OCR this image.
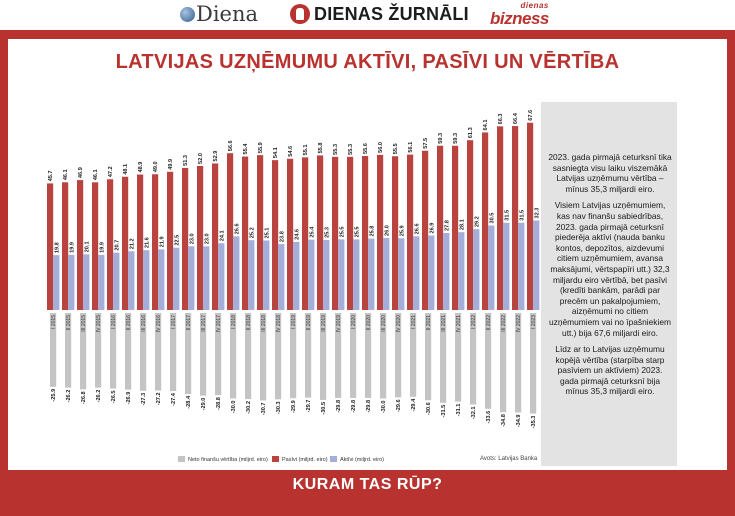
Diena	DIENAS ŽURNĀLI	dienas
bizness
LATVIJAS UZŅĒMUMU AKTĪVI, PASĪVI UN VĒRTĪBA
45.7
19.8
I 2015
-25.9
46.1
19.9
II 2015
-26.2
46.9
20.1
III 2015
-26.8
46.1
19.9
IV 2015
-26.2
47.2
20.7
I 2016
-26.5
48.1
21.2
II 2016
-26.9
48.9
21.6
III 2016
-27.3
49.0
21.9
IV 2016
-27.2
49.9
22.5
I 2017
-27.4
51.3
23.0
II 2017
-28.4
52.0
23.0
III 2017
-29.0
52.9
24.1
IV 2017
-28.8
56.6
26.6
I 2018
-30.0
55.4
25.2
II 2018
-30.2
55.9
25.1
III 2018
-30.7
54.1
23.8
IV 2018
-30.3
54.6
24.6
I 2019
-29.9
55.1
25.4
II 2019
-29.7
55.8
25.3
III 2019
-30.5
55.3
25.5
IV 2019
-29.8
55.3
25.5
I 2020
-29.8
55.6
25.8
II 2020
-29.8
56.0
26.0
III 2020
-30.0
55.5
25.9
IV 2020
-29.6
56.1
26.6
I 2021
-29.4
57.5
26.9
II 2021
-30.6
59.3
27.8
III 2021
-31.5
59.3
28.1
IV 2021
-31.1
61.3
29.2
I 2022
-32.1
64.1
30.5
II 2022
-33.6
66.3
31.5
III 2022
-34.8
66.4
31.5
IV 2022
-34.9
67.6
32.3
I 2023
-35.3

2023. gada pirmajā ceturksnī tika sasniegta visu laiku viszemākā Latvijas uzņēmumu vērtība – mīnus 35,3 miljardi eiro.

Visiem Latvijas uzņēmumiem, kas nav finanšu sabiedrības, 2023. gada pirmajā ceturksnī piederēja aktīvi (nauda banku kontos, depozītos, aizdevumi citiem uzņēmumiem, avansa maksājumi, vērtspapīri utt.) 32,3 miljardu eiro vērtībā, bet pasīvi (kredīti bankām, parādi par precēm un pakalpojumiem, aizņēmumi no citiem uzņēmumiem vai no īpašniekiem utt.) bija 67,6 miljardi eiro.

Līdz ar to Latvijas uzņēmumu kopējā vērtība (starpība starp pasīviem un aktīviem) 2023. gada pirmajā ceturksnī bija mīnus 35,3 miljardi eiro.

Neto finanšu vērtība (miljrd. eiro)	Pasīvi (miljrd. eiro)	Aktīvi (miljrd. eiro)	Avots: Latvijas Banka
KURAM TAS RŪP?
